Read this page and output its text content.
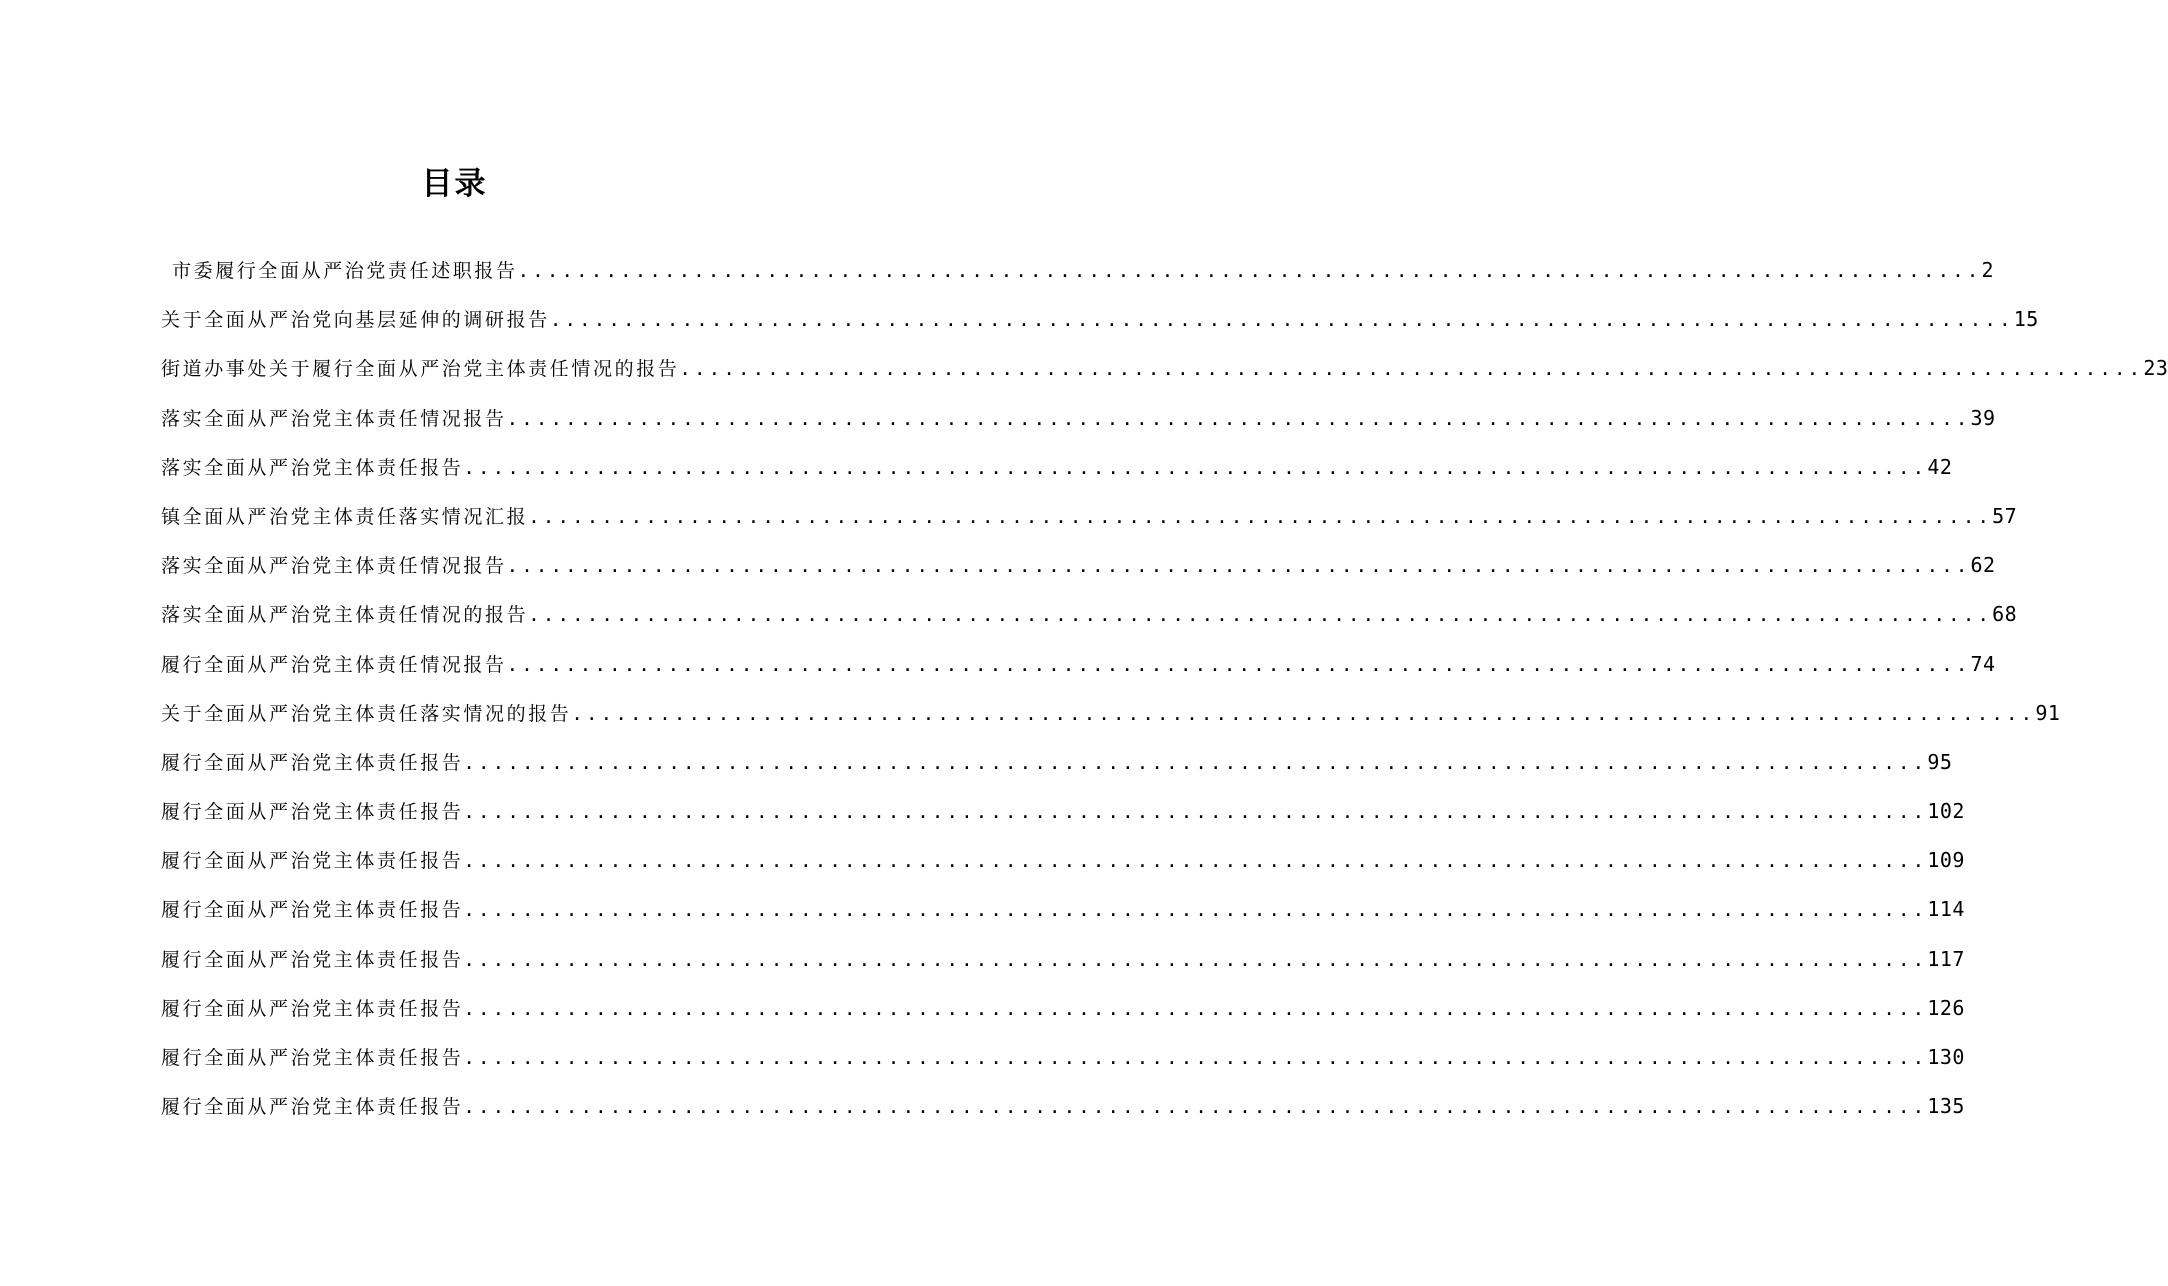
目录
市委履行全面从严治党责任述职报告 .................................................................................................... 2
关于全面从严治党向基层延伸的调研报告 .................................................................................................... 15
街道办事处关于履行全面从严治党主体责任情况的报告 .................................................................................................... 23
落实全面从严治党主体责任情况报告 .................................................................................................... 39
落实全面从严治党主体责任报告 .................................................................................................... 42
镇全面从严治党主体责任落实情况汇报 .................................................................................................... 57
落实全面从严治党主体责任情况报告 .................................................................................................... 62
落实全面从严治党主体责任情况的报告 .................................................................................................... 68
履行全面从严治党主体责任情况报告 .................................................................................................... 74
关于全面从严治党主体责任落实情况的报告 .................................................................................................... 91
履行全面从严治党主体责任报告 .................................................................................................... 95
履行全面从严治党主体责任报告 .................................................................................................... 102
履行全面从严治党主体责任报告 .................................................................................................... 109
履行全面从严治党主体责任报告 .................................................................................................... 114
履行全面从严治党主体责任报告 .................................................................................................... 117
履行全面从严治党主体责任报告 .................................................................................................... 126
履行全面从严治党主体责任报告 .................................................................................................... 130
履行全面从严治党主体责任报告 .................................................................................................... 135
